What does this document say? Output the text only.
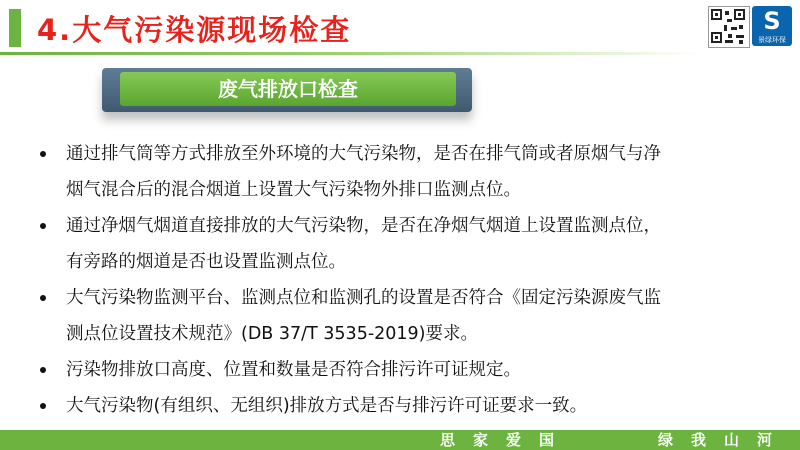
4.大气污染源现场检查	S
景绿环保
废气排放口检查
通过排气筒等方式排放至外环境的大气污染物，是否在排气筒或者原烟气与净
烟气混合后的混合烟道上设置大气污染物外排口监测点位。
通过净烟气烟道直接排放的大气污染物，是否在净烟气烟道上设置监测点位，
有旁路的烟道是否也设置监测点位。
大气污染物监测平台、监测点位和监测孔的设置是否符合《固定污染源废气监
测点位设置技术规范》(DB 37/T 3535-2019)要求。
污染物排放口高度、位置和数量是否符合排污许可证规定。
大气污染物(有组织、无组织)排放方式是否与排污许可证要求一致。
思家爱国	绿我山河
